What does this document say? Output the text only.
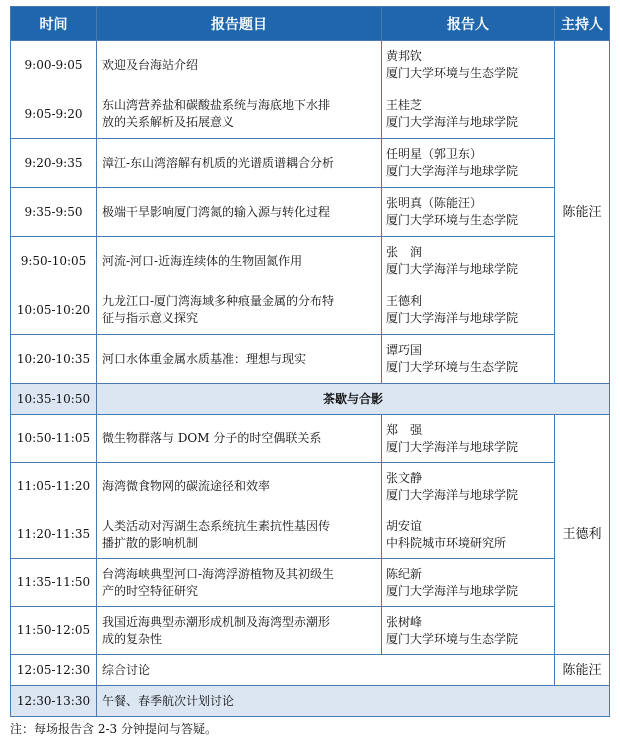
时间	报告题目	报告人	主持人
9:00-9:05	欢迎及台海站介绍	黄邦钦
厦门大学环境与生态学院	陈能汪
9:05-9:20	东山湾营养盐和碳酸盐系统与海底地下水排
放的关系解析及拓展意义	王桂芝
厦门大学海洋与地球学院	

9:20-9:35	漳江-东山湾溶解有机质的光谱质谱耦合分析	任明星（郭卫东）
厦门大学海洋与地球学院	

9:35-9:50	极端干旱影响厦门湾氮的输入源与转化过程	张明真（陈能汪）
厦门大学环境与生态学院	

9:50-10:05	河流-河口-近海连续体的生物固氮作用	张　润
厦门大学海洋与地球学院	

10:05-10:20	九龙江口-厦门湾海域多种痕量金属的分布特
征与指示意义探究	王德利
厦门大学海洋与地球学院	

10:20-10:35	河口水体重金属水质基准：理想与现实	谭巧国
厦门大学环境与生态学院	

10:35-10:50	茶歇与合影		
10:50-11:05	微生物群落与 DOM 分子的时空偶联关系	郑　强
厦门大学海洋与地球学院	王德利
11:05-11:20	海湾微食物网的碳流途径和效率	张文静
厦门大学海洋与地球学院	

11:20-11:35	人类活动对泻湖生态系统抗生素抗性基因传
播扩散的影响机制	胡安谊
中科院城市环境研究所	

11:35-11:50	台湾海峡典型河口-海湾浮游植物及其初级生
产的时空特征研究	陈纪新
厦门大学海洋与地球学院	

11:50-12:05	我国近海典型赤潮形成机制及海湾型赤潮形
成的复杂性	张树峰
厦门大学环境与生态学院	

12:05-12:30	综合讨论		陈能汪
12:30-13:30	午餐、春季航次计划讨论		
注：每场报告含 2-3 分钟提问与答疑。
